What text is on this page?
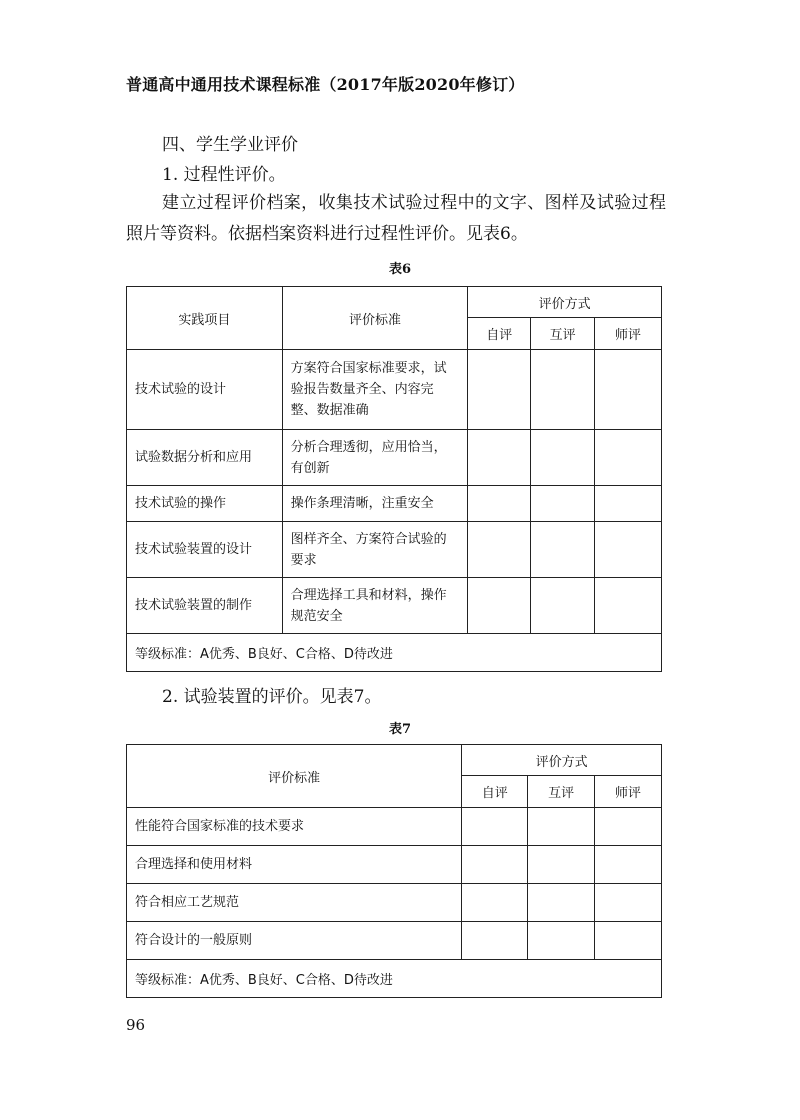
普通高中通用技术课程标准（2017年版2020年修订）
四、学生学业评价
1. 过程性评价。
建立过程评价档案，收集技术试验过程中的文字、图样及试验过程照片等资料。依据档案资料进行过程性评价。见表6。
表6
实践项目	评价标准	评价方式		
		自评	互评	师评
技术试验的设计	方案符合国家标准要求，试验报告数量齐全、内容完整、数据准确			
试验数据分析和应用	分析合理透彻，应用恰当，有创新			
技术试验的操作	操作条理清晰，注重安全			
技术试验装置的设计	图样齐全、方案符合试验的要求			
技术试验装置的制作	合理选择工具和材料，操作规范安全			
等级标准：A优秀、B良好、C合格、D待改进				
2. 试验装置的评价。见表7。
表7
评价标准	评价方式		
	自评	互评	师评
性能符合国家标准的技术要求			
合理选择和使用材料			
符合相应工艺规范			
符合设计的一般原则			
等级标准：A优秀、B良好、C合格、D待改进			
96
